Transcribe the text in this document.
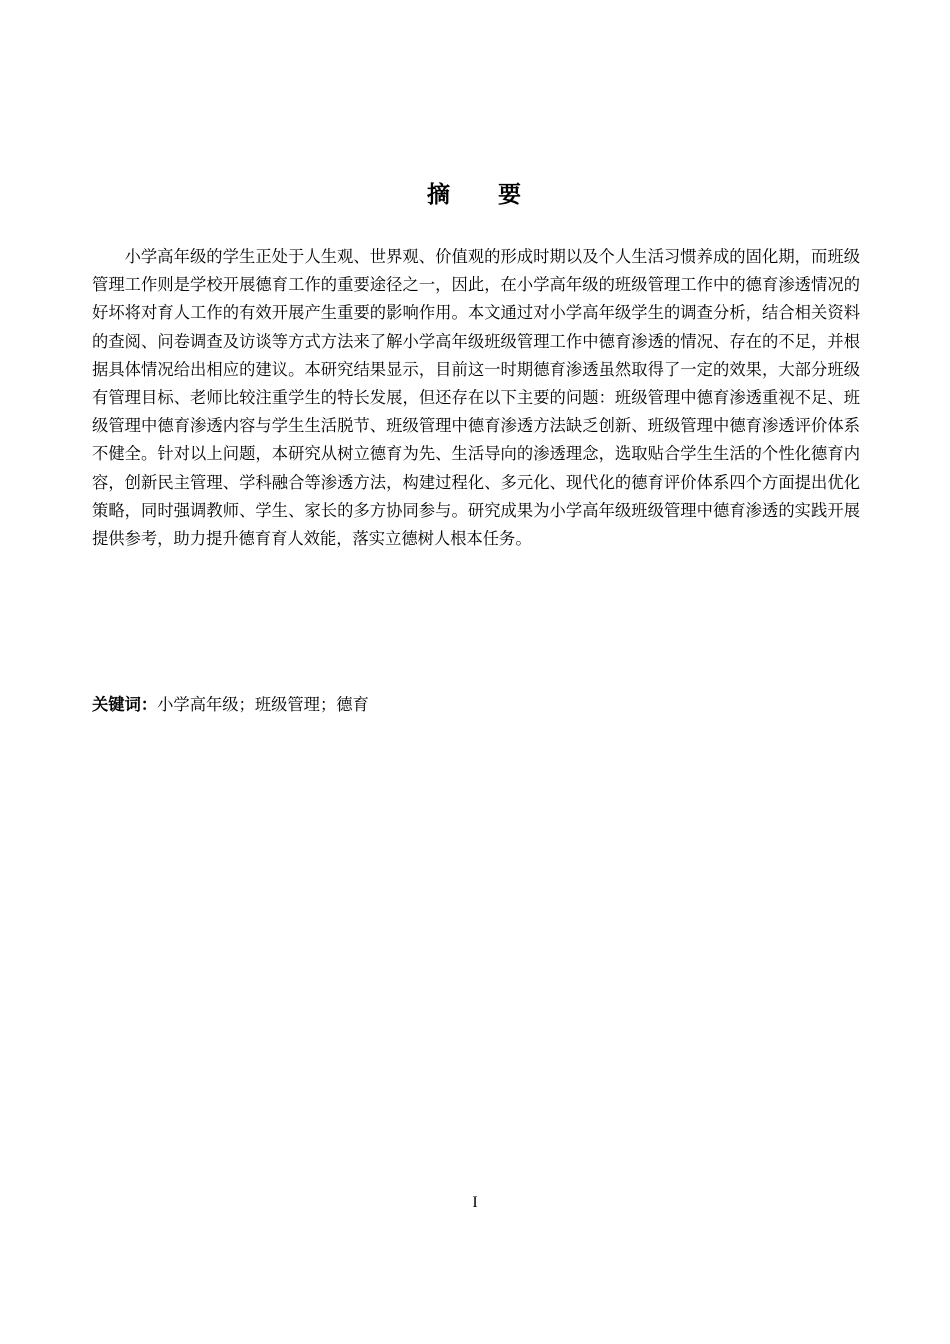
摘 要

小学高年级的学生正处于人生观、世界观、价值观的形成时期以及个人生活习惯养成的固化期，而班级管理工作则是学校开展德育工作的重要途径之一，因此，在小学高年级的班级管理工作中的德育渗透情况的好坏将对育人工作的有效开展产生重要的影响作用。本文通过对小学高年级学生的调查分析，结合相关资料的查阅、问卷调查及访谈等方式方法来了解小学高年级班级管理工作中德育渗透的情况、存在的不足，并根据具体情况给出相应的建议。本研究结果显示，目前这一时期德育渗透虽然取得了一定的效果，大部分班级有管理目标、老师比较注重学生的特长发展，但还存在以下主要的问题：班级管理中德育渗透重视不足、班级管理中德育渗透内容与学生生活脱节、班级管理中德育渗透方法缺乏创新、班级管理中德育渗透评价体系不健全。针对以上问题，本研究从树立德育为先、生活导向的渗透理念，选取贴合学生生活的个性化德育内容，创新民主管理、学科融合等渗透方法，构建过程化、多元化、现代化的德育评价体系四个方面提出优化策略，同时强调教师、学生、家长的多方协同参与。研究成果为小学高年级班级管理中德育渗透的实践开展提供参考，助力提升德育育人效能，落实立德树人根本任务。

关键词：小学高年级；班级管理；德育

I
